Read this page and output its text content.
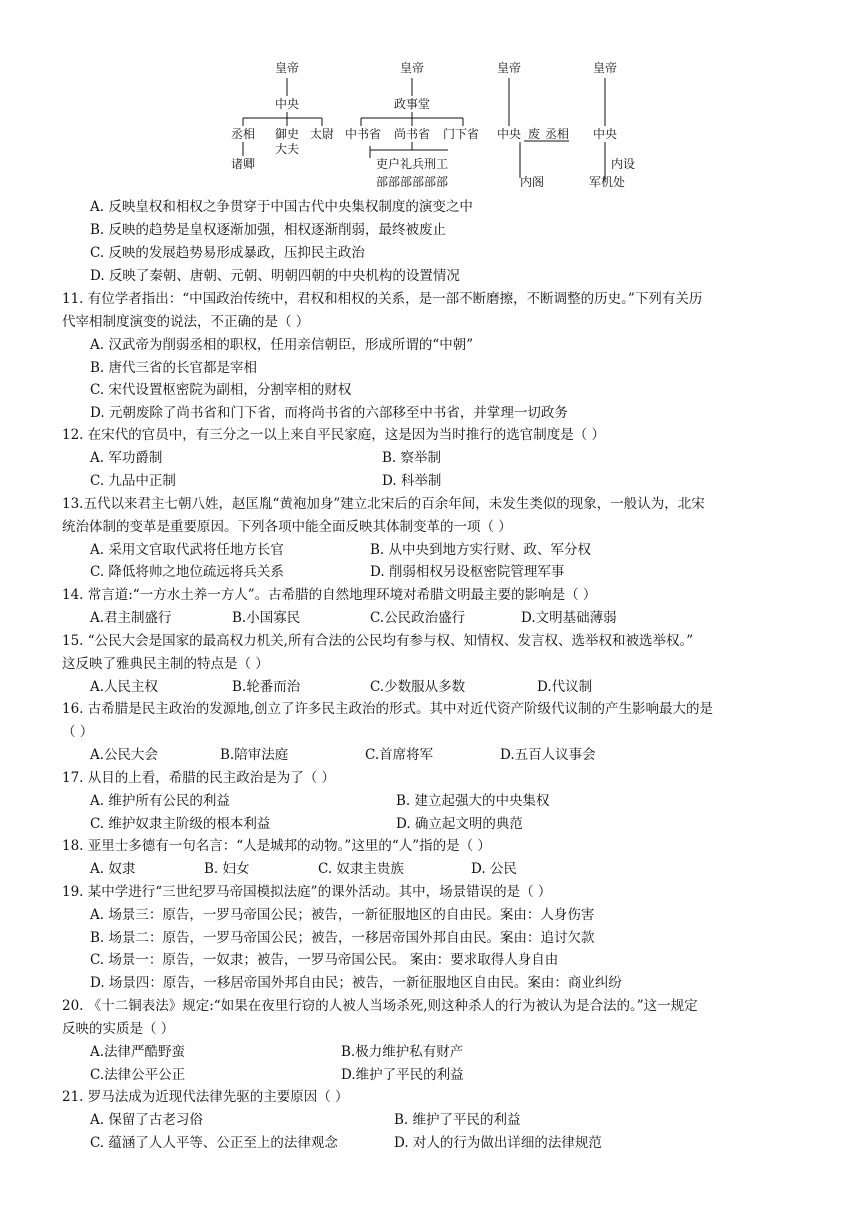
皇帝
中央
丞相 御史
大夫
太尉
诸卿
皇帝
政事堂
中书省 尚书省 门下省
吏户礼兵刑工
部部部部部部
皇帝
中央 废 丞相
内阁
皇帝
中央
内设
军机处
A. 反映皇权和相权之争贯穿于中国古代中央集权制度的演变之中
B. 反映的趋势是皇权逐渐加强，相权逐渐削弱，最终被废止
C. 反映的发展趋势易形成暴政，压抑民主政治
D. 反映了秦朝、唐朝、元朝、明朝四朝的中央机构的设置情况
11. 有位学者指出：“中国政治传统中，君权和相权的关系，是一部不断磨擦，不断调整的历史。”下列有关历
代宰相制度演变的说法，不正确的是（ ）
A. 汉武帝为削弱丞相的职权，任用亲信朝臣，形成所谓的“中朝”
B. 唐代三省的长官都是宰相
C. 宋代设置枢密院为副相，分割宰相的财权
D. 元朝废除了尚书省和门下省，而将尚书省的六部移至中书省，并掌理一切政务
12. 在宋代的官员中，有三分之一以上来自平民家庭，这是因为当时推行的选官制度是（ ）
A. 军功爵制	B. 察举制
C. 九品中正制	D. 科举制
13.五代以来君主七朝八姓，赵匡胤“黄袍加身”建立北宋后的百余年间，未发生类似的现象，一般认为，北宋
统治体制的变革是重要原因。下列各项中能全面反映其体制变革的一项（ ）
A. 采用文官取代武将任地方长官	B. 从中央到地方实行财、政、军分权
C. 降低将帅之地位疏远将兵关系	D. 削弱相权另设枢密院管理军事
14. 常言道:“一方水土养一方人”。古希腊的自然地理环境对希腊文明最主要的影响是（ ）
A.君主制盛行	B.小国寡民	C.公民政治盛行	D.文明基础薄弱
15. “公民大会是国家的最高权力机关,所有合法的公民均有参与权、知情权、发言权、选举权和被选举权。”
这反映了雅典民主制的特点是（ ）
A.人民主权	B.轮番而治	C.少数服从多数	D.代议制
16. 古希腊是民主政治的发源地,创立了许多民主政治的形式。其中对近代资产阶级代议制的产生影响最大的是
（ ）
A.公民大会	B.陪审法庭	C.首席将军	D.五百人议事会
17. 从目的上看，希腊的民主政治是为了（ ）
A. 维护所有公民的利益	B. 建立起强大的中央集权
C. 维护奴隶主阶级的根本利益	D. 确立起文明的典范
18. 亚里士多德有一句名言：“人是城邦的动物。”这里的“人”指的是（ ）
A. 奴隶	B. 妇女	C. 奴隶主贵族	D. 公民
19. 某中学进行“三世纪罗马帝国模拟法庭”的课外活动。其中，场景错误的是（ ）
A. 场景三：原告，一罗马帝国公民；被告，一新征服地区的自由民。案由：人身伤害
B. 场景二：原告，一罗马帝国公民；被告，一移居帝国外邦自由民。案由：追讨欠款
C. 场景一：原告，一奴隶；被告，一罗马帝国公民。 案由：要求取得人身自由
D. 场景四：原告，一移居帝国外邦自由民；被告，一新征服地区自由民。案由：商业纠纷
20. 《十二铜表法》规定:“如果在夜里行窃的人被人当场杀死,则这种杀人的行为被认为是合法的。”这一规定
反映的实质是（ ）
A.法律严酷野蛮	B.极力维护私有财产
C.法律公平公正	D.维护了平民的利益
21. 罗马法成为近现代法律先驱的主要原因（ ）
A. 保留了古老习俗	B. 维护了平民的利益
C. 蕴涵了人人平等、公正至上的法律观念	D. 对人的行为做出详细的法律规范
